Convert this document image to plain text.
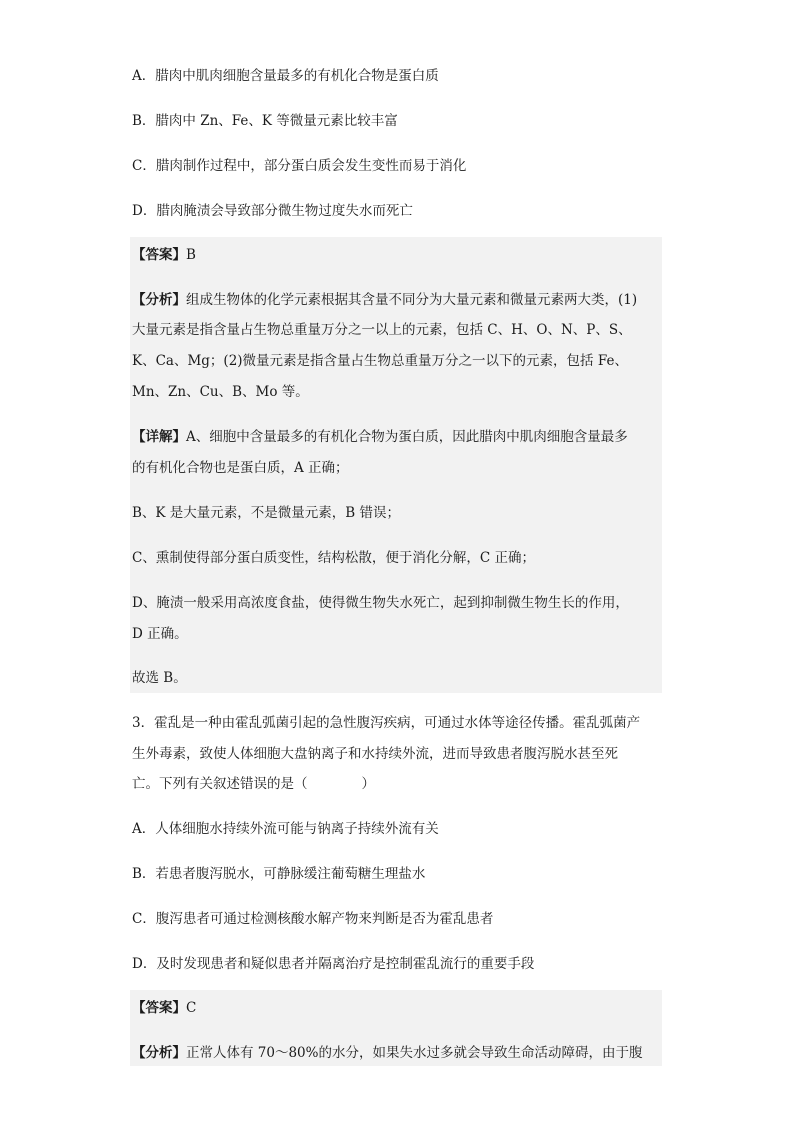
A．腊肉中肌肉细胞含量最多的有机化合物是蛋白质
B．腊肉中 Zn、Fe、K 等微量元素比较丰富
C．腊肉制作过程中，部分蛋白质会发生变性而易于消化
D．腊肉腌渍会导致部分微生物过度失水而死亡
【答案】B
【分析】组成生物体的化学元素根据其含量不同分为大量元素和微量元素两大类，(1)
大量元素是指含量占生物总重量万分之一以上的元素，包括 C、H、O、N、P、S、
K、Ca、Mg；(2)微量元素是指含量占生物总重量万分之一以下的元素，包括 Fe、
Mn、Zn、Cu、B、Mo 等。
【详解】A、细胞中含量最多的有机化合物为蛋白质，因此腊肉中肌肉细胞含量最多
的有机化合物也是蛋白质，A 正确；
B、K 是大量元素，不是微量元素，B 错误；
C、熏制使得部分蛋白质变性，结构松散，便于消化分解，C 正确；
D、腌渍一般采用高浓度食盐，使得微生物失水死亡，起到抑制微生物生长的作用，
D 正确。
故选 B。
3．霍乱是一种由霍乱弧菌引起的急性腹泻疾病，可通过水体等途径传播。霍乱弧菌产
生外毒素，致使人体细胞大盘钠离子和水持续外流，进而导致患者腹泻脱水甚至死
亡。下列有关叙述错误的是（　　　　）
A．人体细胞水持续外流可能与钠离子持续外流有关
B．若患者腹泻脱水，可静脉缓注葡萄糖生理盐水
C．腹泻患者可通过检测核酸水解产物来判断是否为霍乱患者
D．及时发现患者和疑似患者并隔离治疗是控制霍乱流行的重要手段
【答案】C
【分析】正常人体有 70～80%的水分，如果失水过多就会导致生命活动障碍，由于腹
